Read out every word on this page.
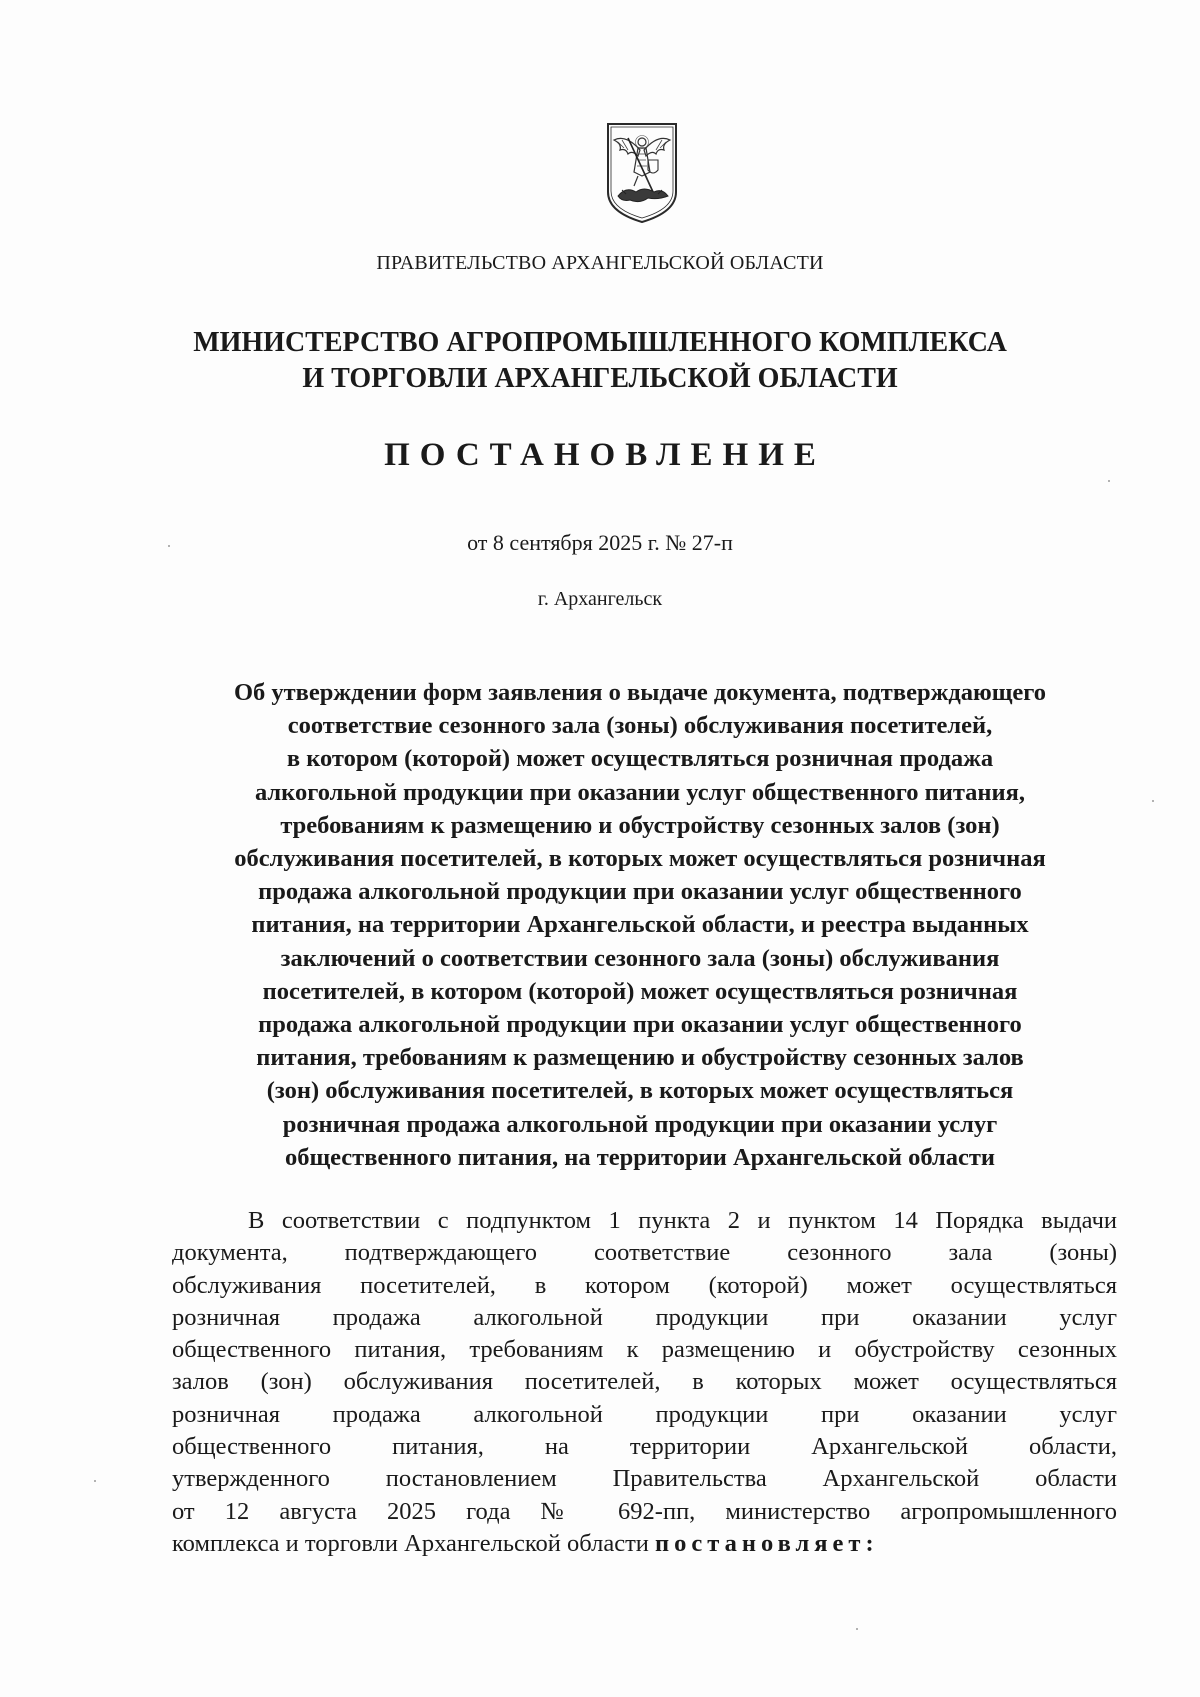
ПРАВИТЕЛЬСТВО АРХАНГЕЛЬСКОЙ ОБЛАСТИ
МИНИСТЕРСТВО АГРОПРОМЫШЛЕННОГО КОМПЛЕКСА
И ТОРГОВЛИ АРХАНГЕЛЬСКОЙ ОБЛАСТИ
ПОСТАНОВЛЕНИЕ
от 8 сентября 2025 г. № 27-п
г. Архангельск
Об утверждении форм заявления о выдаче документа, подтверждающего
соответствие сезонного зала (зоны) обслуживания посетителей,
в котором (которой) может осуществляться розничная продажа
алкогольной продукции при оказании услуг общественного питания,
требованиям к размещению и обустройству сезонных залов (зон)
обслуживания посетителей, в которых может осуществляться розничная
продажа алкогольной продукции при оказании услуг общественного
питания, на территории Архангельской области, и реестра выданных
заключений о соответствии сезонного зала (зоны) обслуживания
посетителей, в котором (которой) может осуществляться розничная
продажа алкогольной продукции при оказании услуг общественного
питания, требованиям к размещению и обустройству сезонных залов
(зон) обслуживания посетителей, в которых может осуществляться
розничная продажа алкогольной продукции при оказании услуг
общественного питания, на территории Архангельской области
В соответствии с подпунктом 1 пункта 2 и пунктом 14 Порядка выдачи
документа, подтверждающего соответствие сезонного зала (зоны)
обслуживания посетителей, в котором (которой) может осуществляться
розничная продажа алкогольной продукции при оказании услуг
общественного питания, требованиям к размещению и обустройству сезонных
залов (зон) обслуживания посетителей, в которых может осуществляться
розничная продажа алкогольной продукции при оказании услуг
общественного питания, на территории Архангельской области,
утвержденного постановлением Правительства Архангельской области
от 12 августа 2025 года № 692-пп, министерство агропромышленного
комплекса и торговли Архангельской области постановляет:
